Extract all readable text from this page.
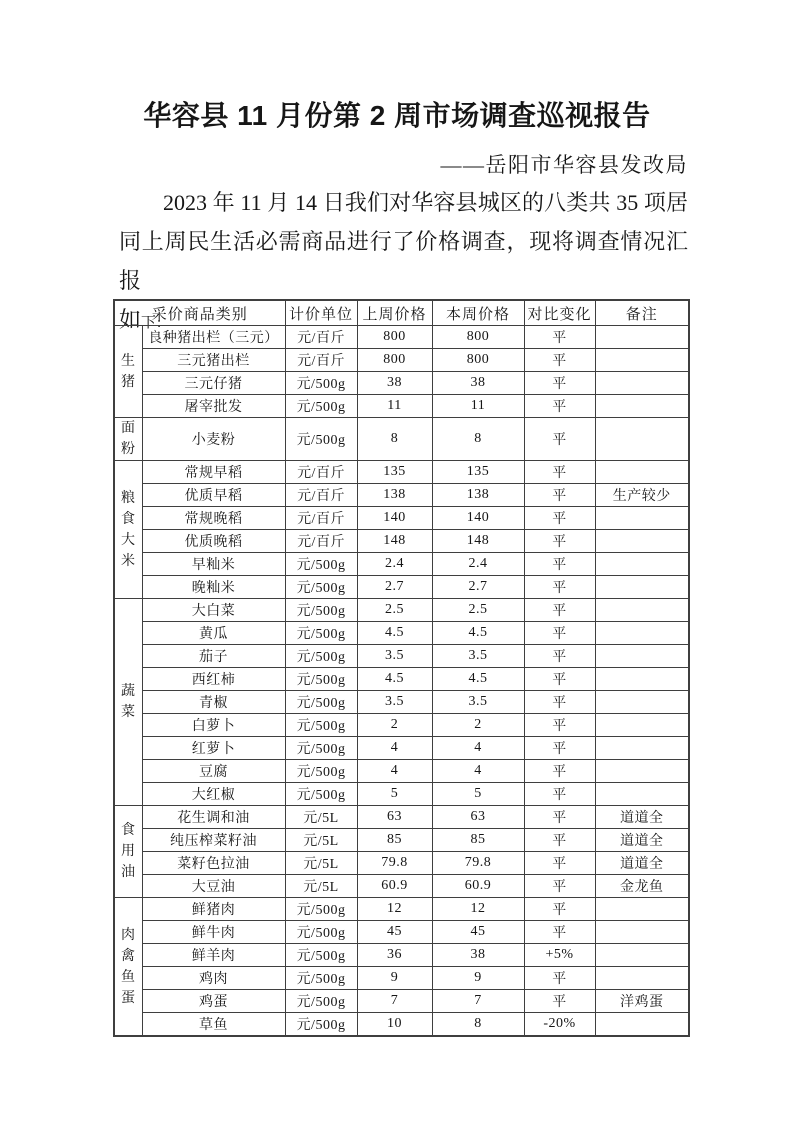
华容县 11 月份第 2 周市场调查巡视报告
——岳阳市华容县发改局
2023 年 11 月 14 日我们对华容县城区的八类共 35 项居
同上周民生活必需商品进行了价格调查，现将调查情况汇报
如下:
采价商品类别		计价单位	上周价格	本周价格	对比变化	备注

生
猪	良种猪出栏（三元）	元/百斤	800	800	平	
	三元猪出栏	元/百斤	800	800	平	
	三元仔猪	元/500g	38	38	平	
	屠宰批发	元/500g	11	11	平	

面
粉	小麦粉	元/500g	8	8	平	

粮
食
大
米	常规早稻	元/百斤	135	135	平	
	优质早稻	元/百斤	138	138	平	生产较少
	常规晚稻	元/百斤	140	140	平	
	优质晚稻	元/百斤	148	148	平	
	早籼米	元/500g	2.4	2.4	平	
	晚籼米	元/500g	2.7	2.7	平	

蔬
菜	大白菜	元/500g	2.5	2.5	平	
	黄瓜	元/500g	4.5	4.5	平	
	茄子	元/500g	3.5	3.5	平	
	西红柿	元/500g	4.5	4.5	平	
	青椒	元/500g	3.5	3.5	平	
	白萝卜	元/500g	2	2	平	
	红萝卜	元/500g	4	4	平	
	豆腐	元/500g	4	4	平	
	大红椒	元/500g	5	5	平	

食
用
油	花生调和油	元/5L	63	63	平	道道全
	纯压榨菜籽油	元/5L	85	85	平	道道全
	菜籽色拉油	元/5L	79.8	79.8	平	道道全
	大豆油	元/5L	60.9	60.9	平	金龙鱼

肉
禽
鱼
蛋	鲜猪肉	元/500g	12	12	平	
	鲜牛肉	元/500g	45	45	平	
	鲜羊肉	元/500g	36	38	+5%	
	鸡肉	元/500g	9	9	平	
	鸡蛋	元/500g	7	7	平	洋鸡蛋
	草鱼	元/500g	10	8	-20%	
